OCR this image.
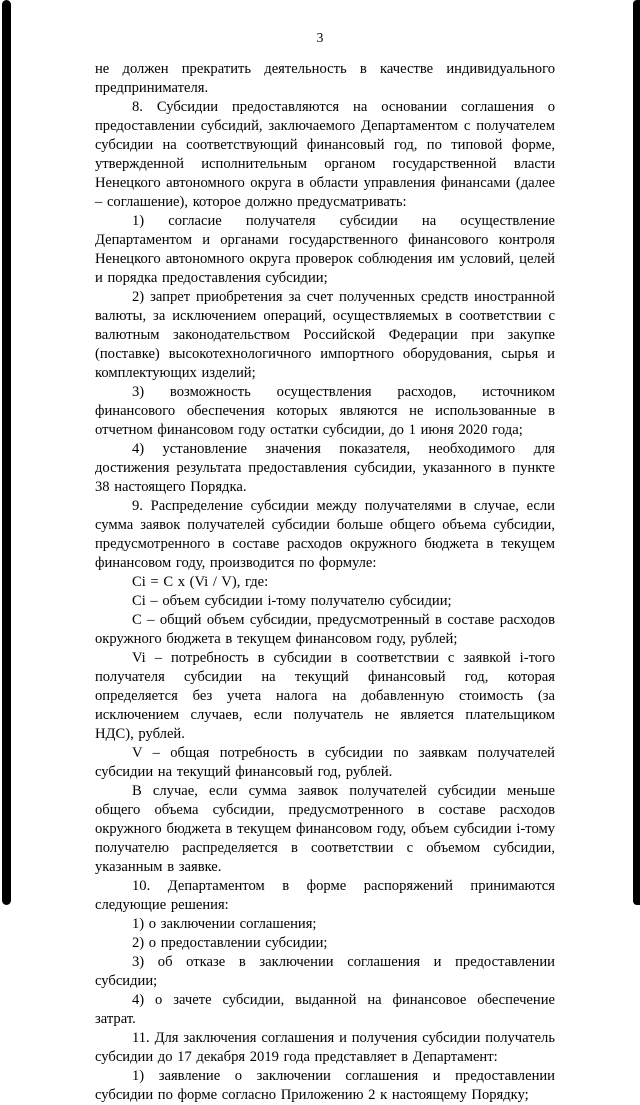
3

не должен прекратить деятельность в качестве индивидуального предпринимателя.

8. Субсидии предоставляются на основании соглашения о предоставлении субсидий, заключаемого Департаментом с получателем субсидии на соответствующий финансовый год, по типовой форме, утвержденной исполнительным органом государственной власти Ненецкого автономного округа в области управления финансами (далее – соглашение), которое должно предусматривать:

1) согласие получателя субсидии на осуществление Департаментом и органами государственного финансового контроля Ненецкого автономного округа проверок соблюдения им условий, целей и порядка предоставления субсидии;

2) запрет приобретения за счет полученных средств иностранной валюты, за исключением операций, осуществляемых в соответствии с валютным законодательством Российской Федерации при закупке (поставке) высокотехнологичного импортного оборудования, сырья и комплектующих изделий;

3) возможность осуществления расходов, источником финансового обеспечения которых являются не использованные в отчетном финансовом году остатки субсидии, до 1 июня 2020 года;

4) установление значения показателя, необходимого для достижения результата предоставления субсидии, указанного в пункте 38 настоящего Порядка.

9. Распределение субсидии между получателями в случае, если сумма заявок получателей субсидии больше общего объема субсидии, предусмотренного в составе расходов окружного бюджета в текущем финансовом году, производится по формуле:

Ci = C x (Vi / V), где:

Ci – объем субсидии i-тому получателю субсидии;

C – общий объем субсидии, предусмотренный в составе расходов окружного бюджета в текущем финансовом году, рублей;

Vi – потребность в субсидии в соответствии с заявкой i-того получателя субсидии на текущий финансовый год, которая определяется без учета налога на добавленную стоимость (за исключением случаев, если получатель не является плательщиком НДС), рублей.

V – общая потребность в субсидии по заявкам получателей субсидии на текущий финансовый год, рублей.

В случае, если сумма заявок получателей субсидии меньше общего объема субсидии, предусмотренного в составе расходов окружного бюджета в текущем финансовом году, объем субсидии i-тому получателю распределяется в соответствии с объемом субсидии, указанным в заявке.

10. Департаментом в форме распоряжений принимаются следующие решения:

1) о заключении соглашения;

2) о предоставлении субсидии;

3) об отказе в заключении соглашения и предоставлении субсидии;

4) о зачете субсидии, выданной на финансовое обеспечение затрат.

11. Для заключения соглашения и получения субсидии получатель субсидии до 17 декабря 2019 года представляет в Департамент:

1) заявление о заключении соглашения и предоставлении субсидии по форме согласно Приложению 2 к настоящему Порядку;
